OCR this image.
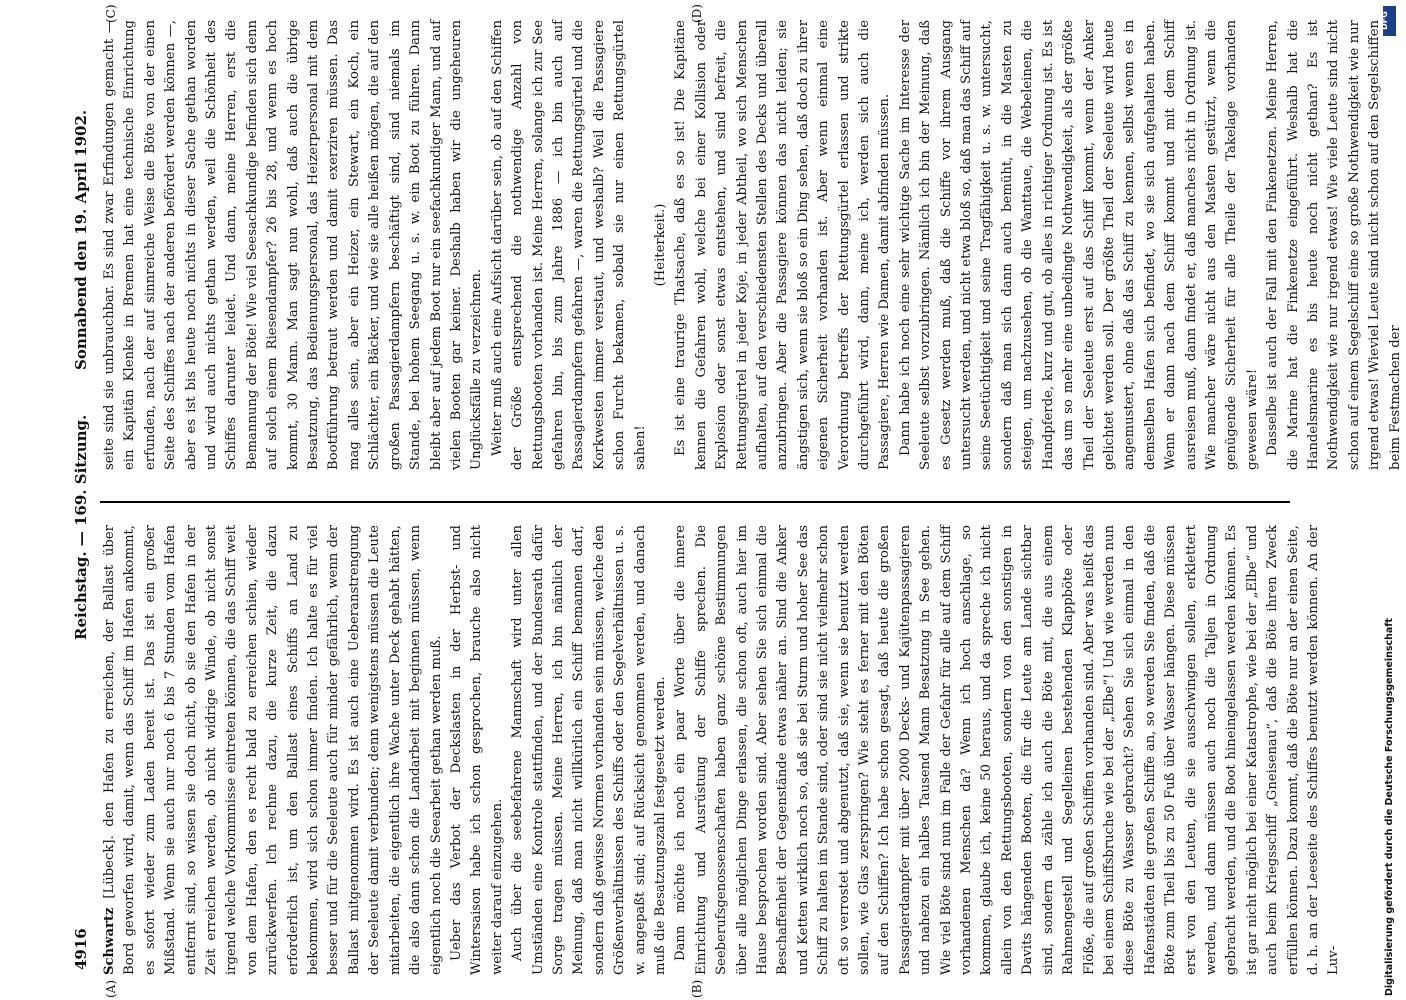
4916
Reichstag. — 169. Sitzung.
Sonnabend den 19. April 1902.
(A)	(B)
(C)	(D)

Schwartz [Lübeck]. den Hafen zu erreichen, der Ballast über Bord geworfen wird, damit, wenn das Schiff im Hafen ankommt, es sofort wieder zum Laden bereit ist. Das ist ein großer Mißstand. Wenn sie auch nur noch 6 bis 7 Stunden vom Hafen entfernt sind, so wissen sie doch nicht, ob sie den Hafen in der Zeit erreichen werden, ob nicht widrige Winde, ob nicht sonst irgend welche Vorkommnisse eintreten können, die das Schiff weit von dem Hafen, den es recht bald zu erreichen schien, wieder zurückwerfen. Ich rechne dazu, die kurze Zeit, die dazu erforderlich ist, um den Ballast eines Schiffs an Land zu bekommen, wird sich schon immer finden. Ich halte es für viel besser und für die Seeleute auch für minder gefährlich, wenn der Ballast mitgenommen wird. Es ist auch eine Ueberanstrengung der Seeleute damit verbunden; denn wenigstens müssen die Leute mitarbeiten, die eigentlich ihre Wache unter Deck gehabt hätten, die also dann schon die Landarbeit mit beginnen müssen, wenn eigentlich noch die Seearbeit gethan werden muß. Ueber das Verbot der Deckslasten in der Herbst- und Wintersaison habe ich schon gesprochen, brauche also nicht weiter darauf einzugehen. Auch über die seebefahrene Mannschaft wird unter allen Umständen eine Kontrole stattfinden, und der Bundesrath dafür Sorge tragen müssen. Meine Herren, ich bin nämlich der Meinung, daß man nicht willkürlich ein Schiff bemannen darf, sondern daß gewisse Normen vorhanden sein müssen, welche den Größenverhältnissen des Schiffs oder den Segelverhältnissen u. s. w. angepaßt sind; auf Rücksicht genommen werden, und danach muß die Besatzungszahl festgesetzt werden. Dann möchte ich noch ein paar Worte über die innere Einrichtung und Ausrüstung der Schiffe sprechen. Die Seeberufsgenossenschaften haben ganz schöne Bestimmungen über alle möglichen Dinge erlassen, die schon oft, auch hier im Hause besprochen worden sind. Aber sehen Sie sich einmal die Beschaffenheit der Gegenstände etwas näher an. Sind die Anker und Ketten wirklich noch so, daß sie bei Sturm und hoher See das Schiff zu halten im Stande sind, oder sind sie nicht vielmehr schon oft so verrostet und abgenutzt, daß sie, wenn sie benutzt werden sollen, wie Glas zerspringen? Wie steht es ferner mit den Böten auf den Schiffen? Ich habe schon gesagt, daß heute die großen Passagierdampfer mit über 2000 Decks- und Kajütenpassagieren und nahezu ein halbes Tausend Mann Besatzung in See gehen. Wie viel Böte sind nun im Falle der Gefahr für alle auf dem Schiff vorhandenen Menschen da? Wenn ich hoch anschlage, so kommen, glaube ich, keine 50 heraus, und da spreche ich nicht allein von den Rettungsbooten, sondern von den sonstigen in Davits hängenden Booten, die für die Leute am Lande sichtbar sind, sondern da zähle ich auch die Böte mit, die aus einem Rahmengestell und Segelleinen bestehenden Klappböte oder Flöße, die auf großen Schiffen vorhanden sind. Aber was heißt das bei einem Schiffsbruche wie bei der „Elbe“! Und wie werden nun diese Böte zu Wasser gebracht? Sehen Sie sich einmal in den Hafenstädten die großen Schiffe an, so werden Sie finden, daß die Böte zum Theil bis zu 50 Fuß über Wasser hängen. Diese müssen erst von den Leuten, die sie ausschwingen sollen, erklettert werden, und dann müssen auch noch die Taljen in Ordnung gebracht werden, und die Boot hineingelassen werden können. Es ist gar nicht möglich bei einer Katastrophe, wie bei der „Elbe“ und auch beim Kriegsschiff „Gneisenau“, daß die Böte ihren Zweck erfüllen können. Dazu kommt, daß die Böte nur an der einen Seite, d. h. an der Leeseite des Schiffes benutzt werden können. An der Luv-

seite sind sie unbrauchbar. Es sind zwar Erfindungen gemacht — ein Kapitän Klenke in Bremen hat eine technische Einrichtung erfunden, nach der auf sinnreiche Weise die Böte von der einen Seite des Schiffes nach der anderen befördert werden können —, aber es ist bis heute noch nichts in dieser Sache gethan worden und wird auch nichts gethan werden, weil die Schönheit des Schiffes darunter leidet. Und dann, meine Herren, erst die Bemannung der Böte! Wie viel Seesachkundige befinden sich denn auf solch einem Riesendampfer? 26 bis 28, und wenn es hoch kommt, 30 Mann. Man sagt nun wohl, daß auch die übrige Besatzung, das Bedienungspersonal, das Heizerpersonal mit dem Bootführung betraut werden und damit exerziren müssen. Das mag alles sein, aber ein Heizer, ein Stewart, ein Koch, ein Schlächter, ein Bäcker, und wie sie alle heißen mögen, die auf den großen Passagierdampfern beschäftigt sind, sind niemals im Stande, bei hohem Seegang u. s. w. ein Boot zu führen. Dann bleibt aber auf jedem Boot nur ein seefachkundiger Mann, und auf vielen Booten gar keiner. Deshalb haben wir die ungeheuren Unglücksfälle zu verzeichnen. Weiter muß auch eine Aufsicht darüber sein, ob auf den Schiffen der Größe entsprechend die nothwendige Anzahl von Rettungsbooten vorhanden ist. Meine Herren, solange ich zur See gefahren bin, bis zum Jahre 1886 — ich bin auch auf Passagierdampfern gefahren —, waren die Rettungsgürtel und die Korkwesten immer verstaut, und weshalb? Weil die Passagiere schon Furcht bekamen, sobald sie nur einen Rettungsgürtel sahen!

(Heiterkeit.) Es ist eine traurige Thatsache, daß es so ist! Die Kapitäne kennen die Gefahren wohl, welche bei einer Kollision oder Explosion oder sonst etwas entstehen, und sind befreit, die Rettungsgürtel in jeder Koje, in jeder Abtheil, wo sich Menschen aufhalten, auf den verschiedensten Stellen des Decks und überall anzubringen. Aber die Passagiere können das nicht leiden; sie ängstigen sich, wenn sie bloß so ein Ding sehen, daß doch zu ihrer eigenen Sicherheit vorhanden ist. Aber wenn einmal eine Verordnung betreffs der Rettungsgürtel erlassen und strikte durchgeführt wird, dann, meine ich, werden sich auch die Passagiere, Herren wie Damen, damit abfinden müssen. Dann habe ich noch eine sehr wichtige Sache im Interesse der Seeleute selbst vorzubringen. Nämlich ich bin der Meinung, daß es Gesetz werden muß, daß die Schiffe vor ihrem Ausgang untersucht werden, und nicht etwa bloß so, daß man das Schiff auf seine Seetüchtigkeit und seine Tragfähigkeit u. s. w. untersucht, sondern daß man sich dann auch bemüht, in die Masten zu steigen, um nachzusehen, ob die Wanttaue, die Webeleinen, die Handpferde, kurz und gut, ob alles in richtiger Ordnung ist. Es ist das um so mehr eine unbedingte Nothwendigkeit, als der größte Theil der Seeleute erst auf das Schiff kommt, wenn der Anker gelichtet werden soll. Der größte Theil der Seeleute wird heute angemustert, ohne daß das Schiff zu kennen, selbst wenn es in demselben Hafen sich befindet, wo sie sich aufgehalten haben. Wenn er dann nach dem Schiff kommt und mit dem Schiff ausreisen muß, dann findet er, daß manches nicht in Ordnung ist. Wie mancher wäre nicht aus den Masten gestürzt, wenn die genügende Sicherheit für alle Theile der Takelage vorhanden gewesen wäre! Dasselbe ist auch der Fall mit den Finkenetzen. Meine Herren, die Marine hat die Finkenetze eingeführt. Weshalb hat die Handelsmarine es bis heute noch nicht gethan? Es ist Nothwendigkeit wie nur irgend etwas! Wie viele Leute sind nicht schon auf einem Segelschiff eine so große Nothwendigkeit wie nur irgend etwas! Wieviel Leute sind nicht schon auf den Segelschiffen beim Festmachen der

Digitalisierung gefördert durch die Deutsche Forschungsgemeinschaft
DFG
